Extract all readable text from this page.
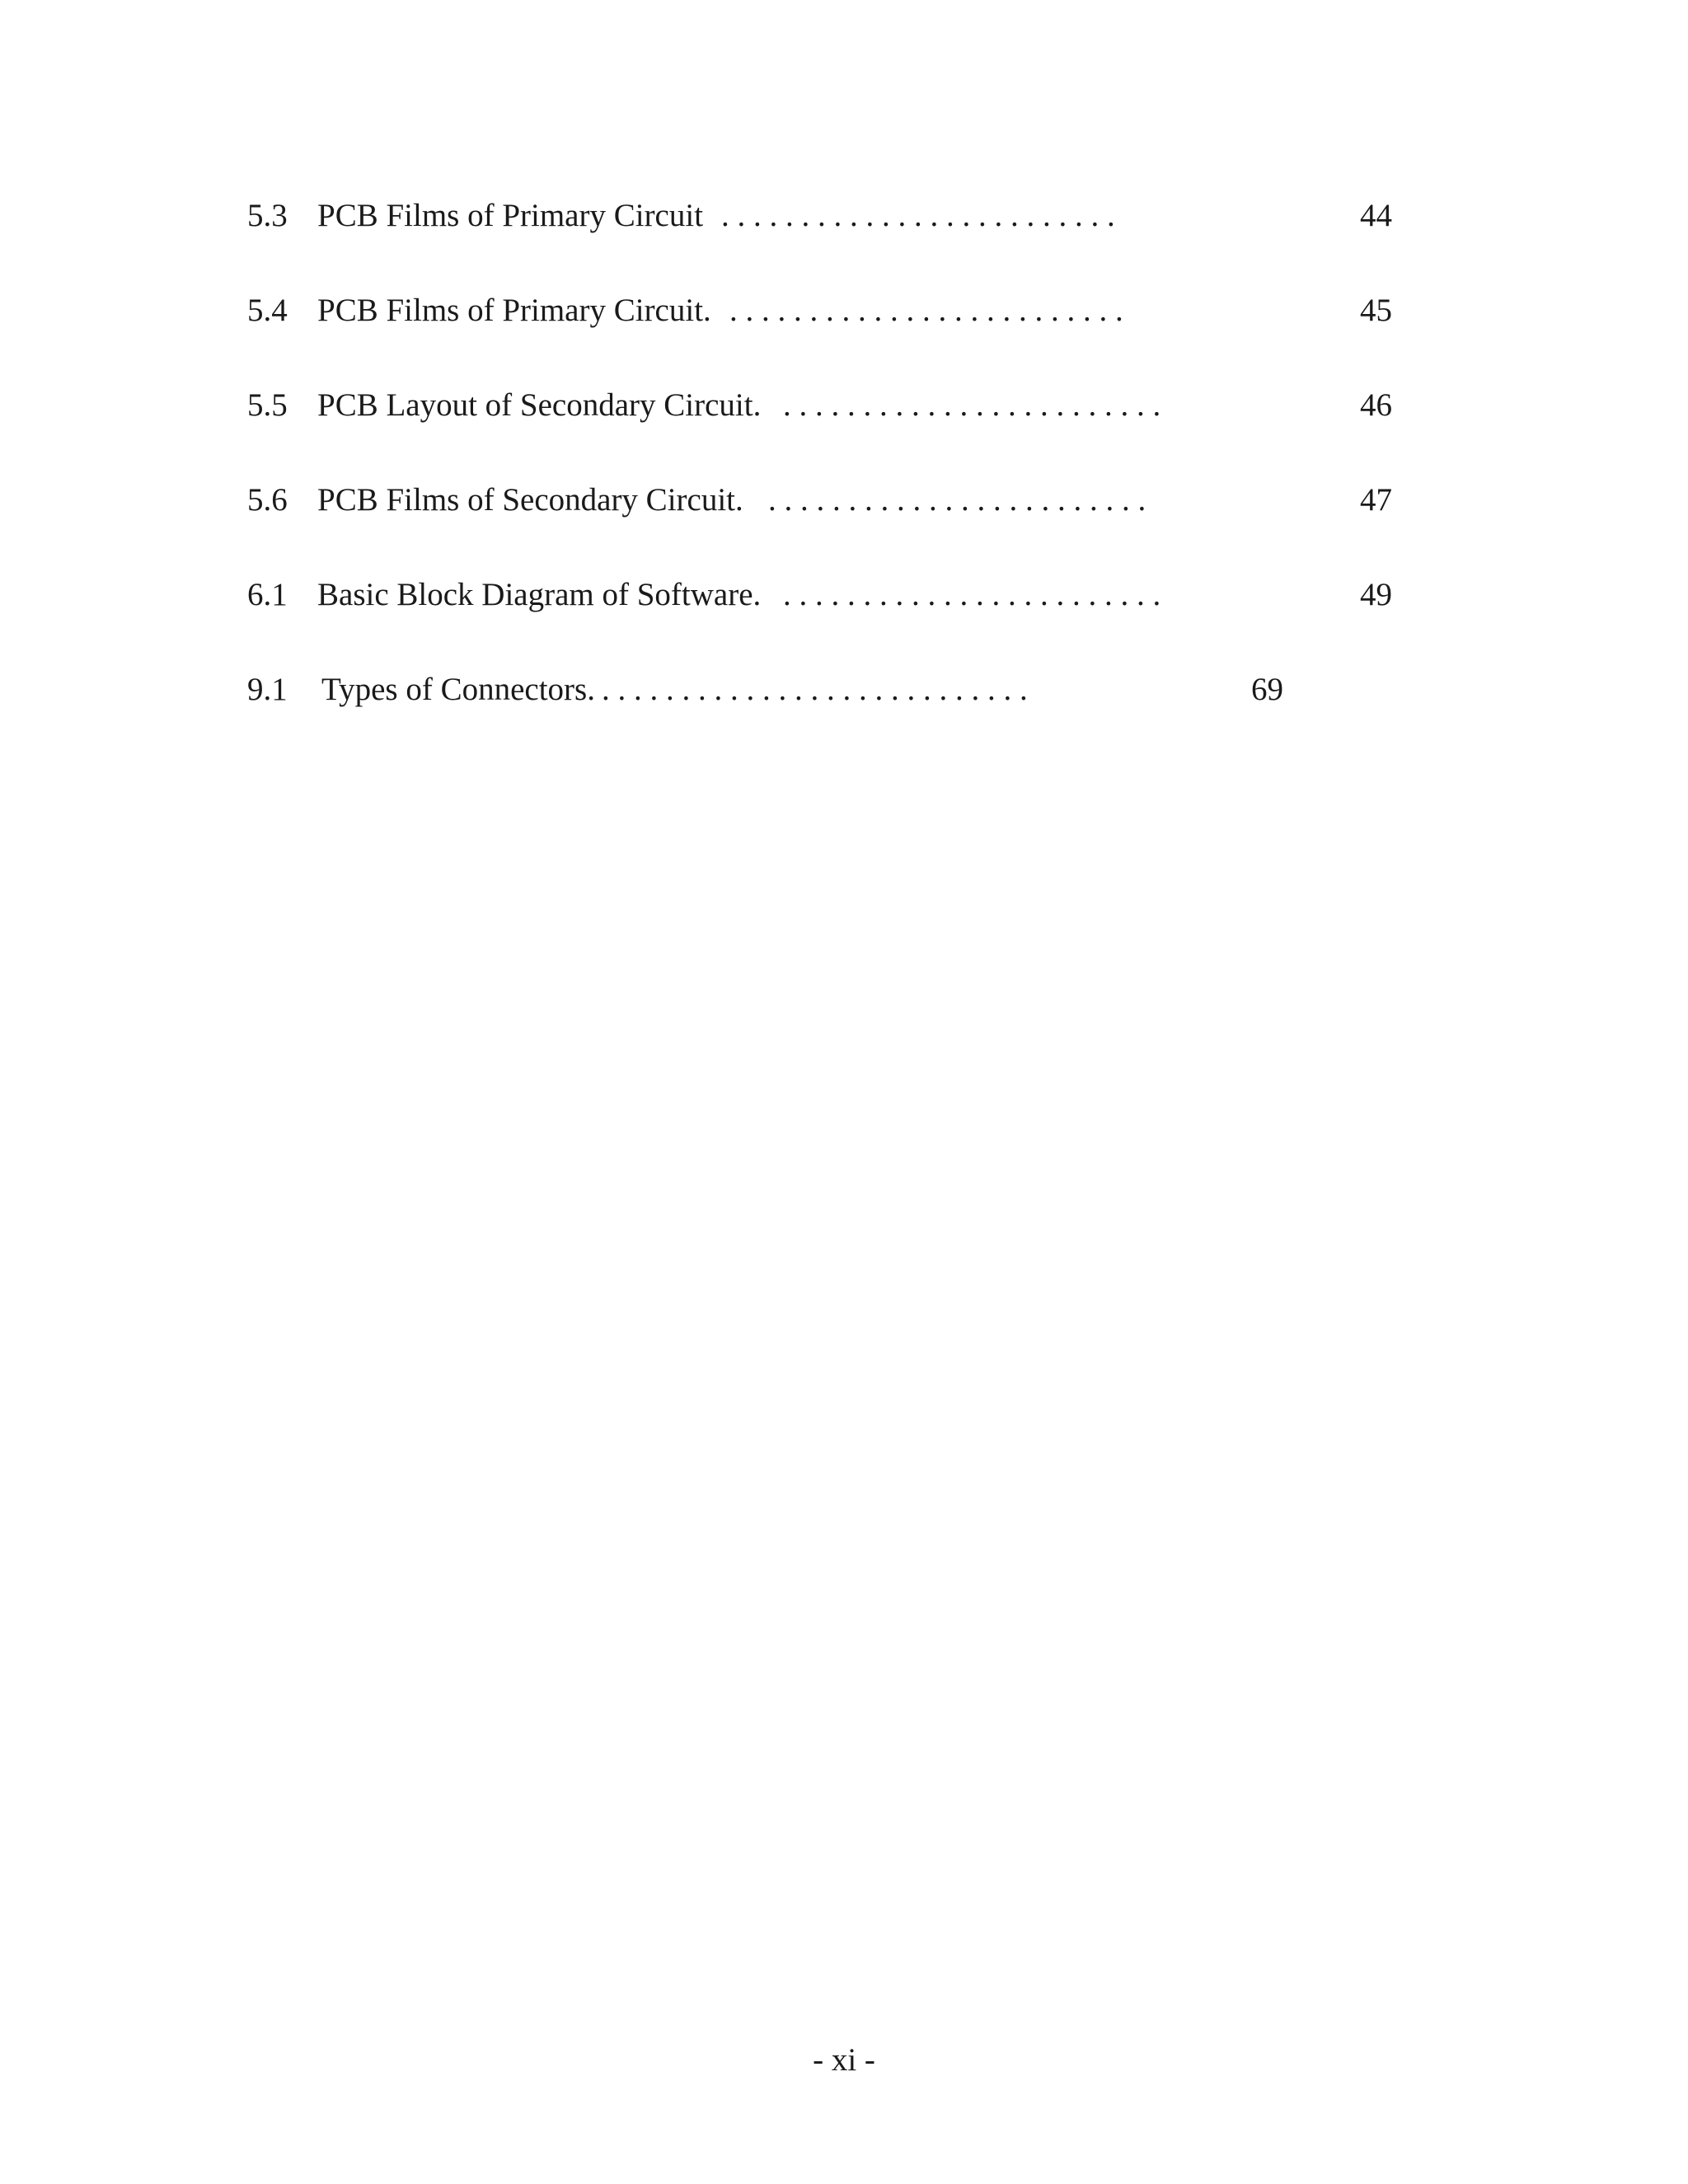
5.3 PCB Films of Primary Circuit . . . . . . . . . . . . . . . . . . . . . . . . .	44
5.4 PCB Films of Primary Circuit. . . . . . . . . . . . . . . . . . . . . . . . . .	45
5.5 PCB Layout of Secondary Circuit. . . . . . . . . . . . . . . . . . . . . . . . .	46
5.6 PCB Films of Secondary Circuit. . . . . . . . . . . . . . . . . . . . . . . . .	47
6.1 Basic Block Diagram of Software. . . . . . . . . . . . . . . . . . . . . . . . .	49
9.1 Types of Connectors. . . . . . . . . . . . . . . . . . . . . . . . . . . .	69
- xi -
